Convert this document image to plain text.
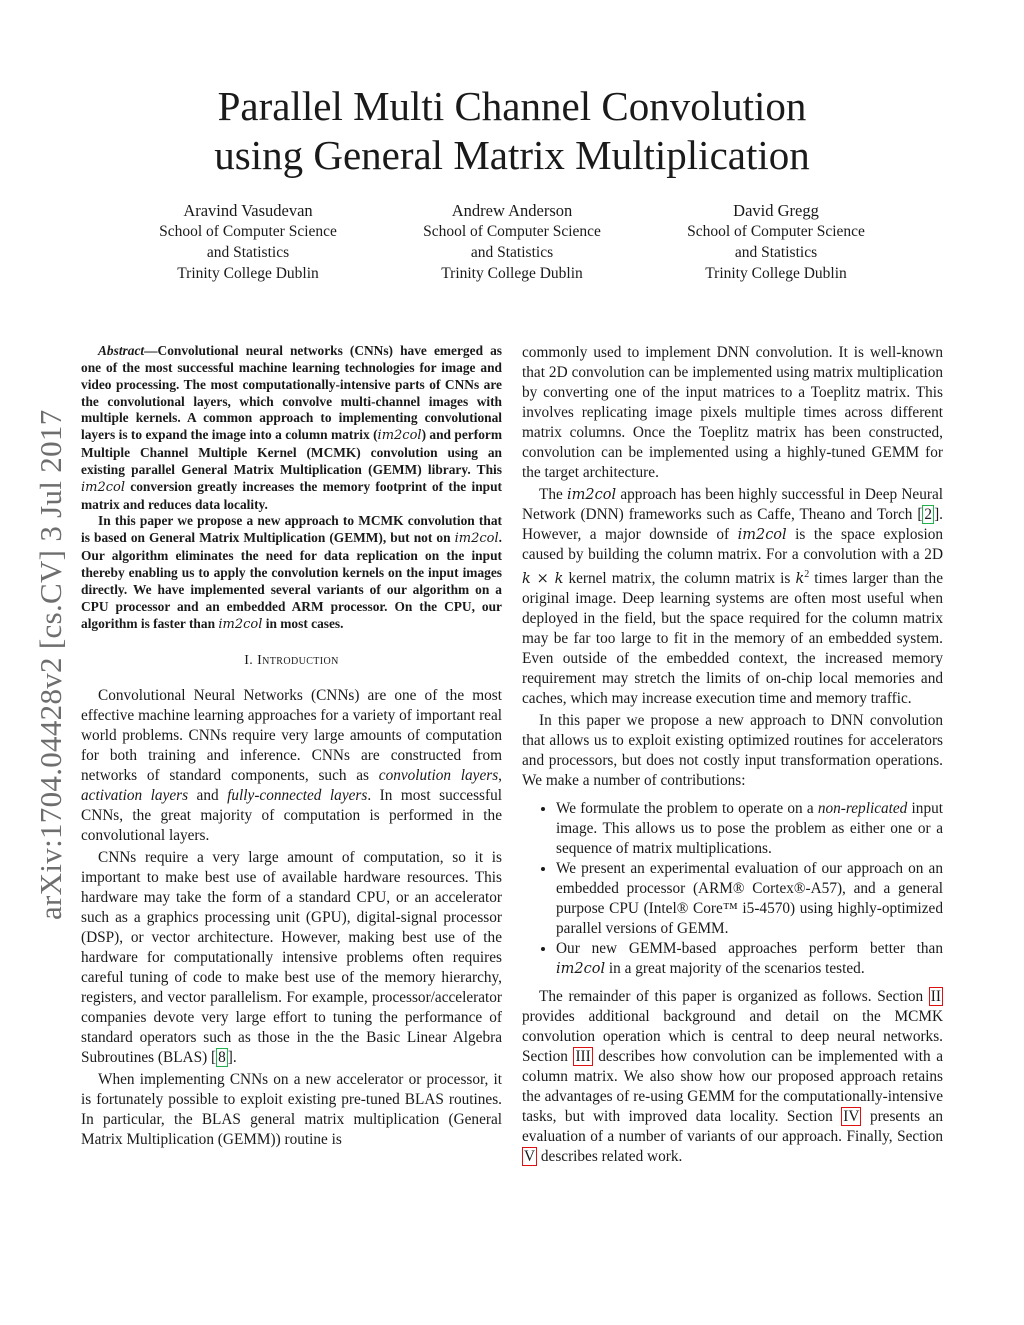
arXiv:1704.04428v2 [cs.CV] 3 Jul 2017
Parallel Multi Channel Convolution
using General Matrix Multiplication
Aravind Vasudevan
School of Computer Science
and Statistics
Trinity College Dublin
Andrew Anderson
School of Computer Science
and Statistics
Trinity College Dublin
David Gregg
School of Computer Science
and Statistics
Trinity College Dublin

Abstract—Convolutional neural networks (CNNs) have emerged as one of the most successful machine learning technologies for image and video processing. The most computationally-intensive parts of CNNs are the convolutional layers, which convolve multi-channel images with multiple kernels. A common approach to implementing convolutional layers is to expand the image into a column matrix (im2col) and perform Multiple Channel Multiple Kernel (MCMK) convolution using an existing parallel General Matrix Multiplication (GEMM) library. This im2col conversion greatly increases the memory footprint of the input matrix and reduces data locality.

In this paper we propose a new approach to MCMK convolution that is based on General Matrix Multiplication (GEMM), but not on im2col. Our algorithm eliminates the need for data replication on the input thereby enabling us to apply the convolution kernels on the input images directly. We have implemented several variants of our algorithm on a CPU processor and an embedded ARM processor. On the CPU, our algorithm is faster than im2col in most cases.

I. Introduction

Convolutional Neural Networks (CNNs) are one of the most effective machine learning approaches for a variety of important real world problems. CNNs require very large amounts of computation for both training and inference. CNNs are constructed from networks of standard components, such as convolution layers, activation layers and fully-connected layers. In most successful CNNs, the great majority of computation is performed in the convolutional layers.

CNNs require a very large amount of computation, so it is important to make best use of available hardware resources. This hardware may take the form of a standard CPU, or an accelerator such as a graphics processing unit (GPU), digital-signal processor (DSP), or vector architecture. However, making best use of the hardware for computationally intensive problems often requires careful tuning of code to make best use of the memory hierarchy, registers, and vector parallelism. For example, processor/accelerator companies devote very large effort to tuning the performance of standard operators such as those in the the Basic Linear Algebra Subroutines (BLAS) [ 8 ].

When implementing CNNs on a new accelerator or processor, it is fortunately possible to exploit existing pre-tuned BLAS routines. In particular, the BLAS general matrix multiplication (General Matrix Multiplication (GEMM)) routine is

commonly used to implement DNN convolution. It is well-known that 2D convolution can be implemented using matrix multiplication by converting one of the input matrices to a Toeplitz matrix. This involves replicating image pixels multiple times across different matrix columns. Once the Toeplitz matrix has been constructed, convolution can be implemented using a highly-tuned GEMM for the target architecture.

The im2col approach has been highly successful in Deep Neural Network (DNN) frameworks such as Caffe, Theano and Torch [ 2 ]. However, a major downside of im2col is the space explosion caused by building the column matrix. For a convolution with a 2D k × k kernel matrix, the column matrix is $k^2$ times larger than the original image. Deep learning systems are often most useful when deployed in the field, but the space required for the column matrix may be far too large to fit in the memory of an embedded system. Even outside of the embedded context, the increased memory requirement may stretch the limits of on-chip local memories and caches, which may increase execution time and memory traffic.

In this paper we propose a new approach to DNN convolution that allows us to exploit existing optimized routines for accelerators and processors, but does not costly input transformation operations. We make a number of contributions:

• We formulate the problem to operate on a non-replicated input image. This allows us to pose the problem as either one or a sequence of matrix multiplications.
• We present an experimental evaluation of our approach on an embedded processor (ARM® Cortex®-A57), and a general purpose CPU (Intel® Core™ i5-4570) using highly-optimized parallel versions of GEMM.
• Our new GEMM-based approaches perform better than im2col in a great majority of the scenarios tested.

The remainder of this paper is organized as follows. Section II provides additional background and detail on the MCMK convolution operation which is central to deep neural networks. Section III describes how convolution can be implemented with a column matrix. We also show how our proposed approach retains the advantages of re-using GEMM for the computationally-intensive tasks, but with improved data locality. Section IV presents an evaluation of a number of variants of our approach. Finally, Section V describes related work.
